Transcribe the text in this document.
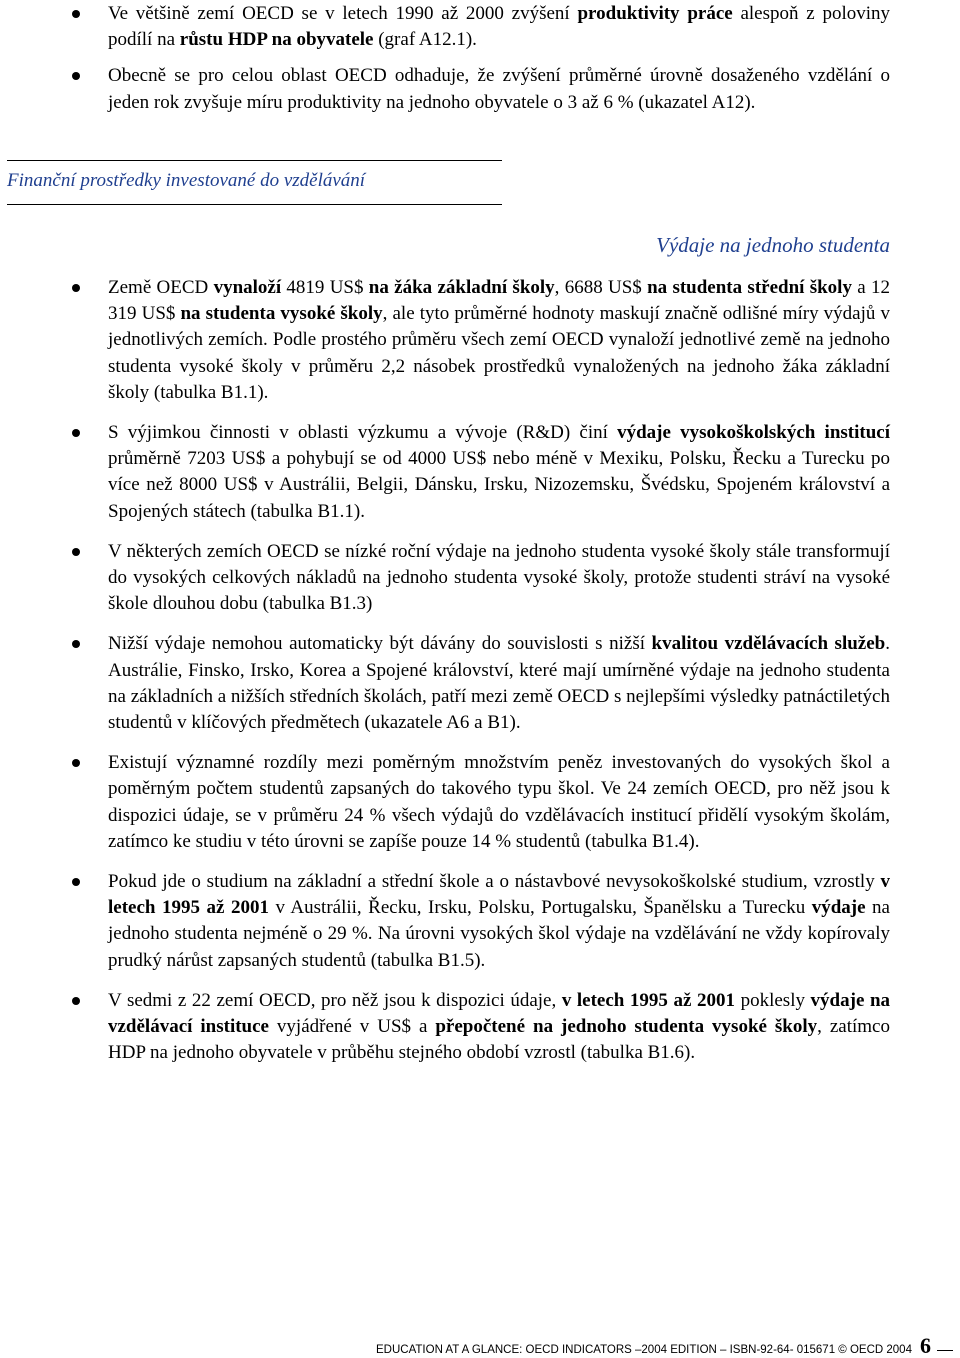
Ve většině zemí OECD se v letech 1990 až 2000 zvýšení produktivity práce alespoň z poloviny podílí na růstu HDP na obyvatele (graf A12.1).
Obecně se pro celou oblast OECD odhaduje, že zvýšení průměrné úrovně dosaženého vzdělání o jeden rok zvyšuje míru produktivity na jednoho obyvatele o 3 až 6 % (ukazatel A12).
Finanční prostředky investované do vzdělávání
Výdaje na jednoho studenta
Země OECD vynaloží 4819 US$ na žáka základní školy, 6688 US$ na studenta střední školy a 12 319 US$ na studenta vysoké školy, ale tyto průměrné hodnoty maskují značně odlišné míry výdajů v jednotlivých zemích. Podle prostého průměru všech zemí OECD vynaloží jednotlivé země na jednoho studenta vysoké školy v průměru 2,2 násobek prostředků vynaložených na jednoho žáka základní školy (tabulka B1.1).
S výjimkou činnosti v oblasti výzkumu a vývoje (R&D) činí výdaje vysokoškolských institucí průměrně 7203 US$ a pohybují se od 4000 US$ nebo méně v Mexiku, Polsku, Řecku a Turecku po více než 8000 US$ v Austrálii, Belgii, Dánsku, Irsku, Nizozemsku, Švédsku, Spojeném království a Spojených státech (tabulka B1.1).
V některých zemích OECD se nízké roční výdaje na jednoho studenta vysoké školy stále transformují do vysokých celkových nákladů na jednoho studenta vysoké školy, protože studenti stráví na vysoké škole dlouhou dobu (tabulka B1.3)
Nižší výdaje nemohou automaticky být dávány do souvislosti s nižší kvalitou vzdělávacích služeb. Austrálie, Finsko, Irsko, Korea a Spojené království, které mají umírněné výdaje na jednoho studenta na základních a nižších středních školách, patří mezi země OECD s nejlepšími výsledky patnáctiletých studentů v klíčových předmětech (ukazatele A6 a B1).
Existují významné rozdíly mezi poměrným množstvím peněz investovaných do vysokých škol a poměrným počtem studentů zapsaných do takového typu škol. Ve 24 zemích OECD, pro něž jsou k dispozici údaje, se v průměru 24 % všech výdajů do vzdělávacích institucí přidělí vysokým školám, zatímco ke studiu v této úrovni se zapíše pouze 14 % studentů (tabulka B1.4).
Pokud jde o studium na základní a střední škole a o nástavbové nevysokoškolské studium, vzrostly v letech 1995 až 2001 v Austrálii, Řecku, Irsku, Polsku, Portugalsku, Španělsku a Turecku výdaje na jednoho studenta nejméně o 29 %. Na úrovni vysokých škol výdaje na vzdělávání ne vždy kopírovaly prudký nárůst zapsaných studentů (tabulka B1.5).
V sedmi z 22 zemí OECD, pro něž jsou k dispozici údaje, v letech 1995 až 2001 poklesly výdaje na vzdělávací instituce vyjádřené v US$ a přepočtené na jednoho studenta vysoké školy, zatímco HDP na jednoho obyvatele v průběhu stejného období vzrostl (tabulka B1.6).
EDUCATION AT A GLANCE: OECD INDICATORS –2004 EDITION – ISBN-92-64- 015671 © OECD 2004 6
